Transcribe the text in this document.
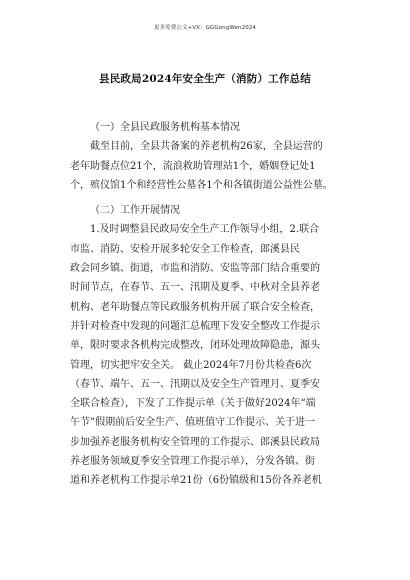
更多免费公文+VX：GGGongWen2024
县民政局2024年安全生产（消防）工作总结

（一）全县民政服务机构基本情况

截至目前，全县共备案的养老机构26家，全县运营的

老年助餐点位21个，流浪救助管理站1个，婚姻登记处1
个，殡仪馆1个和经营性公墓各1个和各镇街道公益性公墓。

（二）工作开展情况

1.及时调整县民政局安全生产工作领导小组，2.联合

市监、消防、安检开展多轮安全工作检查，郎溪县民
政会同乡镇、街道，市监和消防、安监等部门结合重要的
时间节点，在春节、五一、汛期及夏季、中秋对全县养老
机构、老年助餐点等民政服务机构开展了联合安全检查，
并针对检查中发现的问题汇总梳理下发安全整改工作提示
单，限时要求各机构完成整改，闭环处理故障隐患，源头
管理，切实把牢安全关。 截止2024年7月份共检查6次
（春节、端午、五一、汛期以及安全生产管理月、夏季安
全联合检查），下发了工作提示单（关于做好2024年“端
午节”假期前后安全生产、值班值守工作提示、关于进一
步加强养老服务机构安全管理的工作提示、郎溪县民政局
养老服务领域夏季安全管理工作提示单），分发各镇、街
道和养老机构工作提示单21份（6份镇级和15份各养老机
